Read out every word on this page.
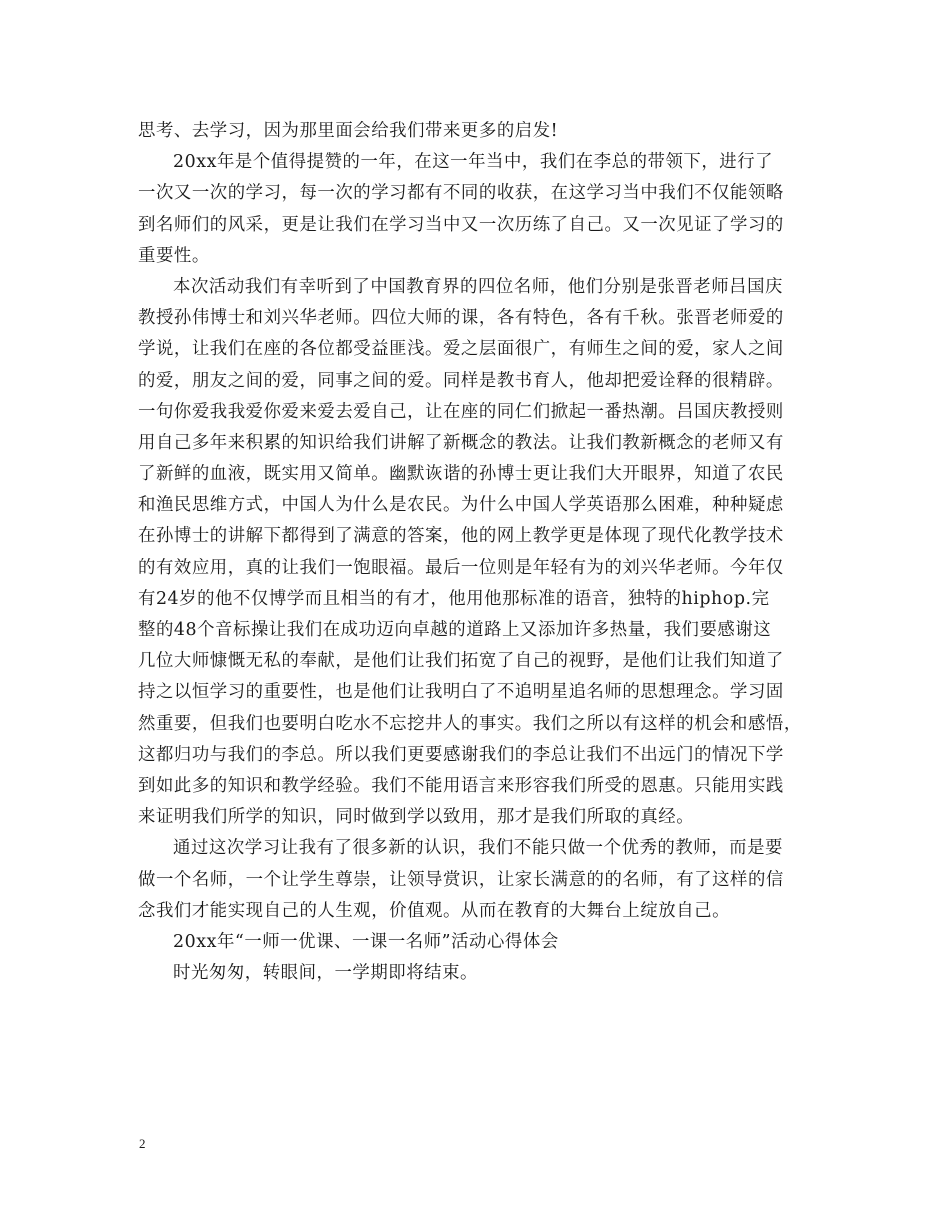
思考、去学习，因为那里面会给我们带来更多的启发!
20xx年是个值得提赞的一年，在这一年当中，我们在李总的带领下，进行了
一次又一次的学习，每一次的学习都有不同的收获，在这学习当中我们不仅能领略
到名师们的风采，更是让我们在学习当中又一次历练了自己。又一次见证了学习的
重要性。
本次活动我们有幸听到了中国教育界的四位名师，他们分别是张晋老师吕国庆
教授孙伟博士和刘兴华老师。四位大师的课，各有特色，各有千秋。张晋老师爱的
学说，让我们在座的各位都受益匪浅。爱之层面很广，有师生之间的爱，家人之间
的爱，朋友之间的爱，同事之间的爱。同样是教书育人，他却把爱诠释的很精辟。
一句你爱我我爱你爱来爱去爱自己，让在座的同仁们掀起一番热潮。吕国庆教授则
用自己多年来积累的知识给我们讲解了新概念的教法。让我们教新概念的老师又有
了新鲜的血液，既实用又简单。幽默诙谐的孙博士更让我们大开眼界，知道了农民
和渔民思维方式，中国人为什么是农民。为什么中国人学英语那么困难，种种疑虑
在孙博士的讲解下都得到了满意的答案，他的网上教学更是体现了现代化教学技术
的有效应用，真的让我们一饱眼福。最后一位则是年轻有为的刘兴华老师。今年仅
有24岁的他不仅博学而且相当的有才，他用他那标准的语音，独特的hiphop.完
整的48个音标操让我们在成功迈向卓越的道路上又添加许多热量，我们要感谢这
几位大师慷慨无私的奉献，是他们让我们拓宽了自己的视野，是他们让我们知道了
持之以恒学习的重要性，也是他们让我明白了不追明星追名师的思想理念。学习固
然重要，但我们也要明白吃水不忘挖井人的事实。我们之所以有这样的机会和感悟，
这都归功与我们的李总。所以我们更要感谢我们的李总让我们不出远门的情况下学
到如此多的知识和教学经验。我们不能用语言来形容我们所受的恩惠。只能用实践
来证明我们所学的知识，同时做到学以致用，那才是我们所取的真经。
通过这次学习让我有了很多新的认识，我们不能只做一个优秀的教师，而是要
做一个名师，一个让学生尊崇，让领导赏识，让家长满意的的名师，有了这样的信
念我们才能实现自己的人生观，价值观。从而在教育的大舞台上绽放自己。
20xx年“一师一优课、一课一名师”活动心得体会
时光匆匆，转眼间，一学期即将结束。
2
